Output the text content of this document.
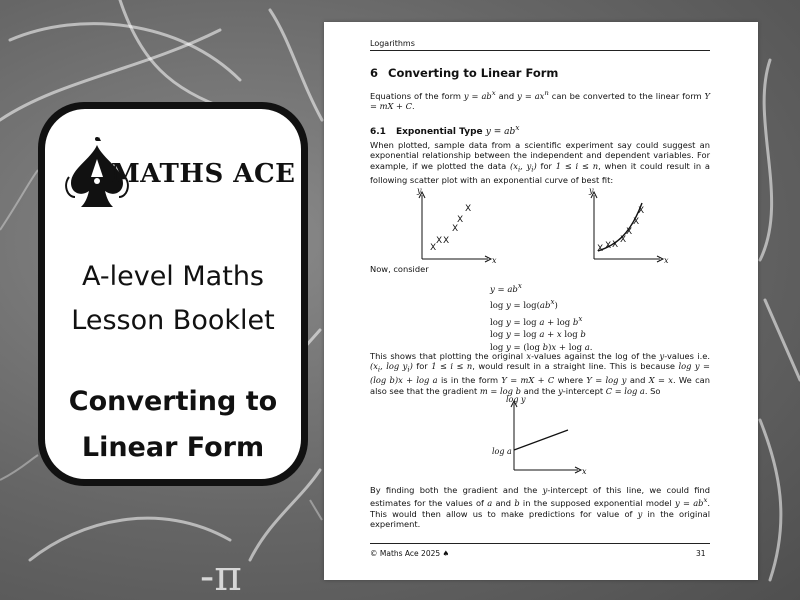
-π
MATHS ACE
A-level Maths
Lesson Booklet
Converting to
Linear Form
Logarithms
6 Converting to Linear Form
Equations of the form $y = ab^x$ and $y = ax^n$ can be converted to the linear form Y = mX + C.
6.1 Exponential Type $y = ab^x$
When plotted, sample data from a scientific experiment say could suggest an exponential relationship between the independent and dependent variables. For example, if we plotted the data ($x_i$, $y_i$) for 1 ≤ i ≤ n, when it could result in a following scatter plot with an exponential curve of best fit:
y
x
X
X X
X
X
X
y
x
X X X X
X
X
X
Now, consider
$y = ab^x$
$\log y = \log(ab^x)$
$\log y = \log a + \log b^x$
log y = log a + x log b
log y = (log b)x + log a.
This shows that plotting the original x-values against the log of the y-values i.e. ($x_i$, $\log y_i$) for 1 ≤ i ≤ n, would result in a straight line. This is because log y = (log b)x + log a is in the form Y = mX + C where Y = log y and X = x. We can also see that the gradient m = log b and the y-intercept C = log a. So
log y
x
log a
By finding both the gradient and the y-intercept of this line, we could find estimates for the values of a and b in the supposed exponential model $y = ab^x$. This would then allow us to make predictions for value of y in the original experiment.
© Maths Ace 2025 ♠	31
